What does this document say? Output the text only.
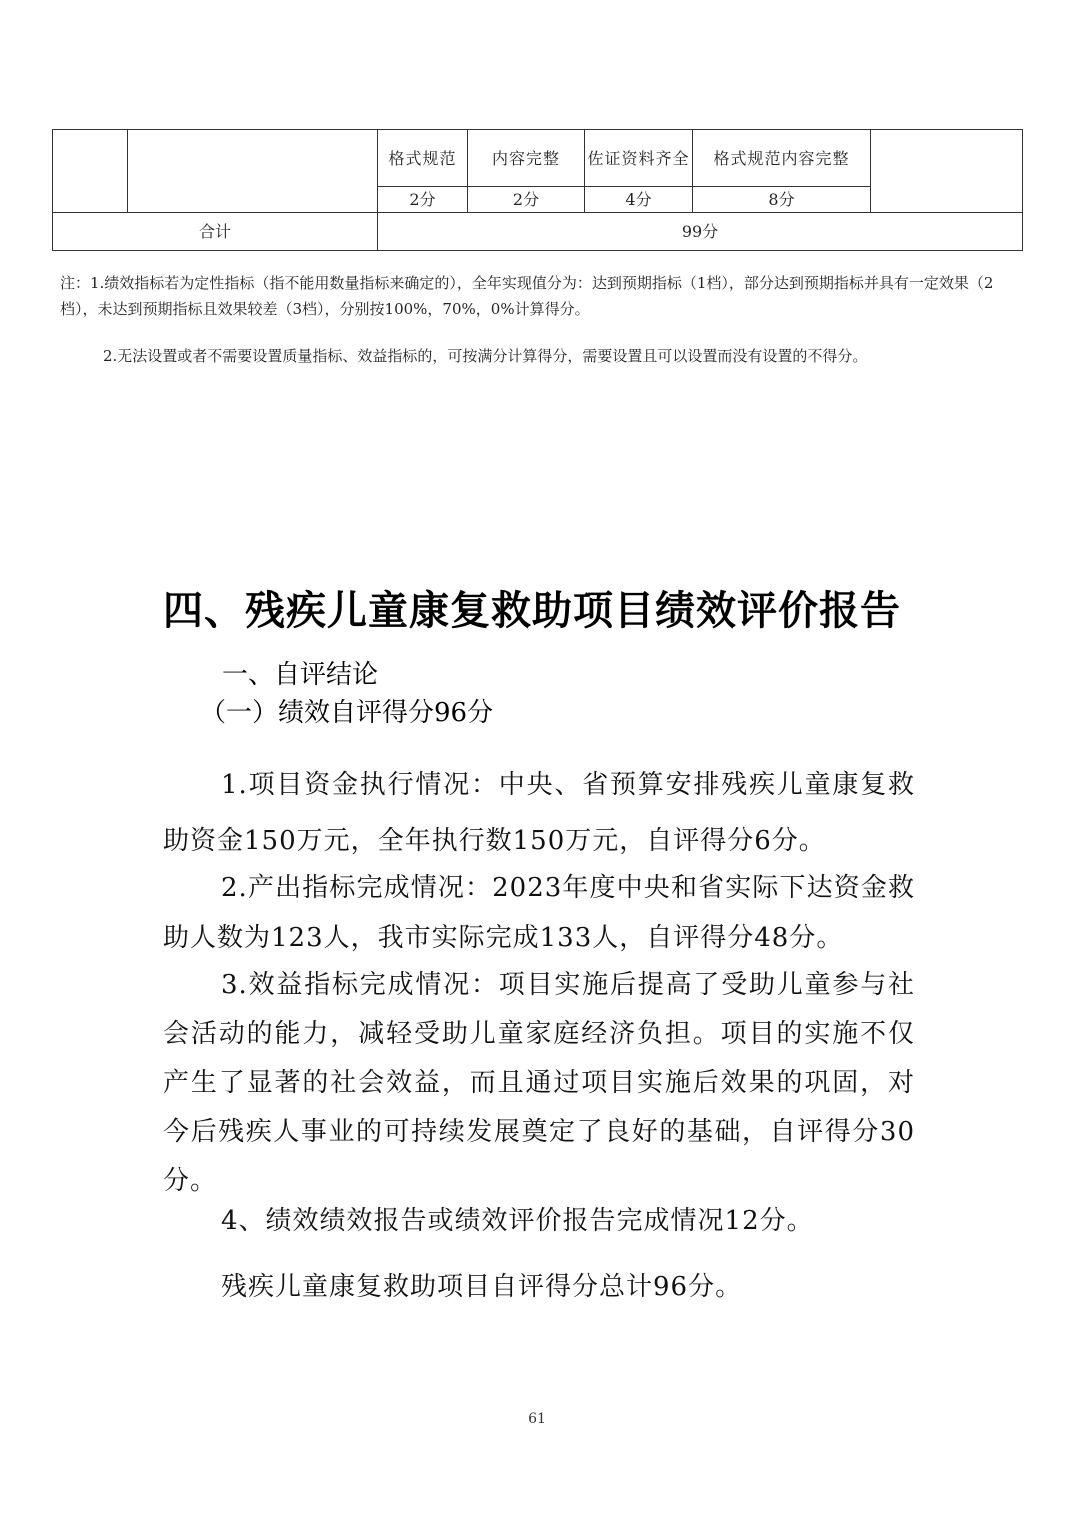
		格式规范	内容完整	佐证资料齐全	格式规范内容完整	
		2分	2分	4分	8分	
合计		99分				
注：1.绩效指标若为定性指标（指不能用数量指标来确定的），全年实现值分为：达到预期指标（1档），部分达到预期指标并具有一定效果（2档），未达到预期指标且效果较差（3档），分别按100%，70%，0%计算得分。
2.无法设置或者不需要设置质量指标、效益指标的，可按满分计算得分，需要设置且可以设置而没有设置的不得分。
四、残疾儿童康复救助项目绩效评价报告
一、自评结论
（一）绩效自评得分96分
1.项目资金执行情况：中央、省预算安排残疾儿童康复救助资金150万元，全年执行数150万元，自评得分6分。
2.产出指标完成情况：2023年度中央和省实际下达资金救助人数为123人，我市实际完成133人，自评得分48分。
3.效益指标完成情况：项目实施后提高了受助儿童参与社会活动的能力，减轻受助儿童家庭经济负担。项目的实施不仅产生了显著的社会效益，而且通过项目实施后效果的巩固，对今后残疾人事业的可持续发展奠定了良好的基础，自评得分30分。
4、绩效绩效报告或绩效评价报告完成情况12分。
残疾儿童康复救助项目自评得分总计96分。
61
